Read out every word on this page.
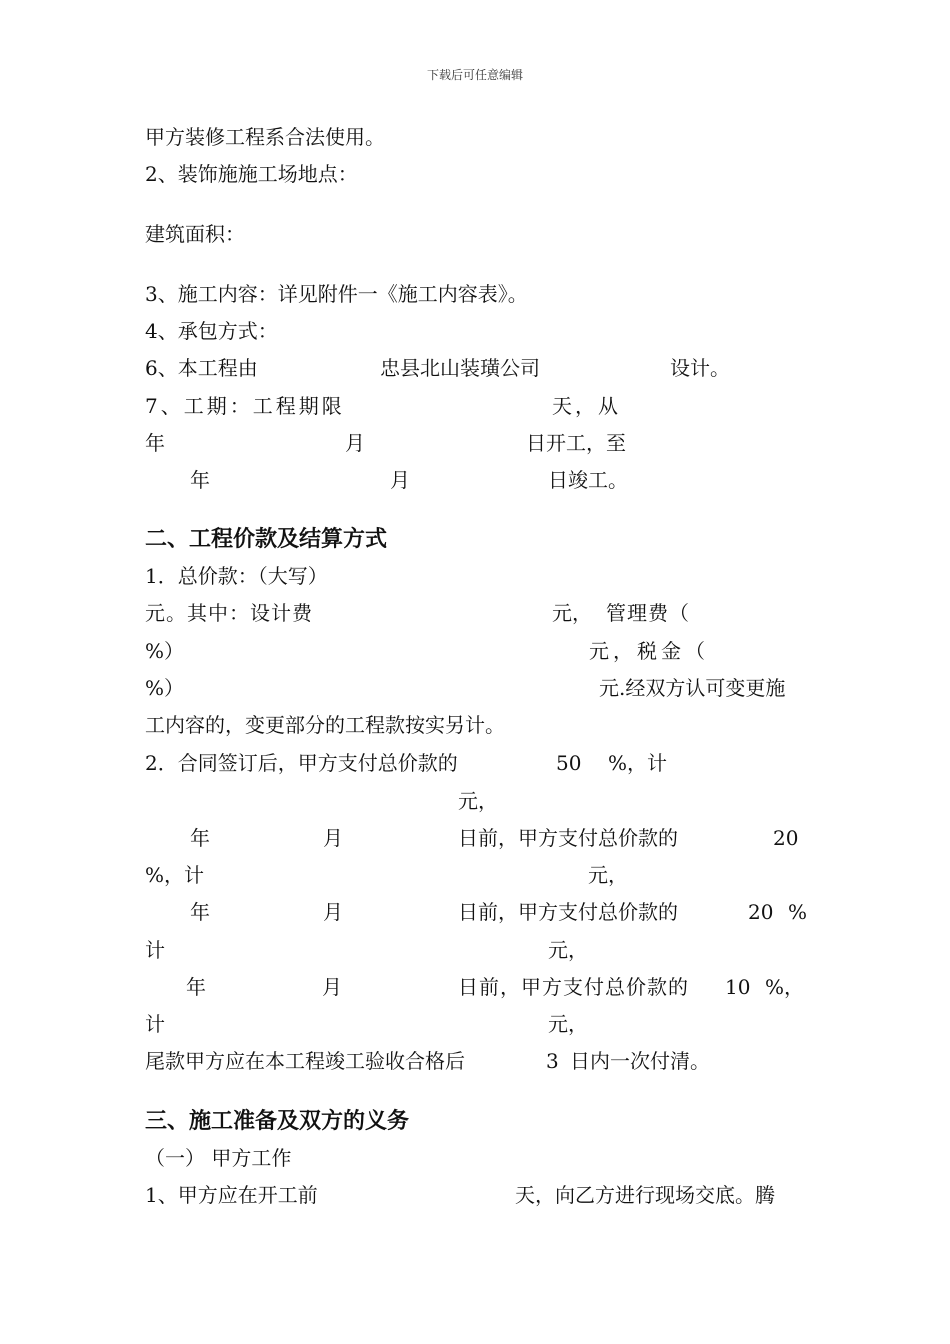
下载后可任意编辑
甲方装修工程系合法使用。
2、装饰施施工场地点：
建筑面积：
3、施工内容：详见附件一《施工内容表》。
4、承包方式：
6、本工程由	忠县北山装璜公司	设计。
7、工期：工程期限	天，从
年	月	日开工，至
年	月	日竣工。
二、工程价款及结算方式
1．总价款：（大写）
元。其中：设计费	元， 管理费（
%）	元，税金（
%）	元.经双方认可变更施
工内容的，变更部分的工程款按实另计。
2．合同签订后，甲方支付总价款的	50 %，计
元，
年	月	日前，甲方支付总价款的	20
%，计	元，
年	月	日前，甲方支付总价款的	20 %
计	元，
年	月	日前，甲方支付总价款的 10 %，
计	元，
尾款甲方应在本工程竣工验收合格后	3 日内一次付清。
三、施工准备及双方的义务
（一） 甲方工作
1、甲方应在开工前	天，向乙方进行现场交底。腾
